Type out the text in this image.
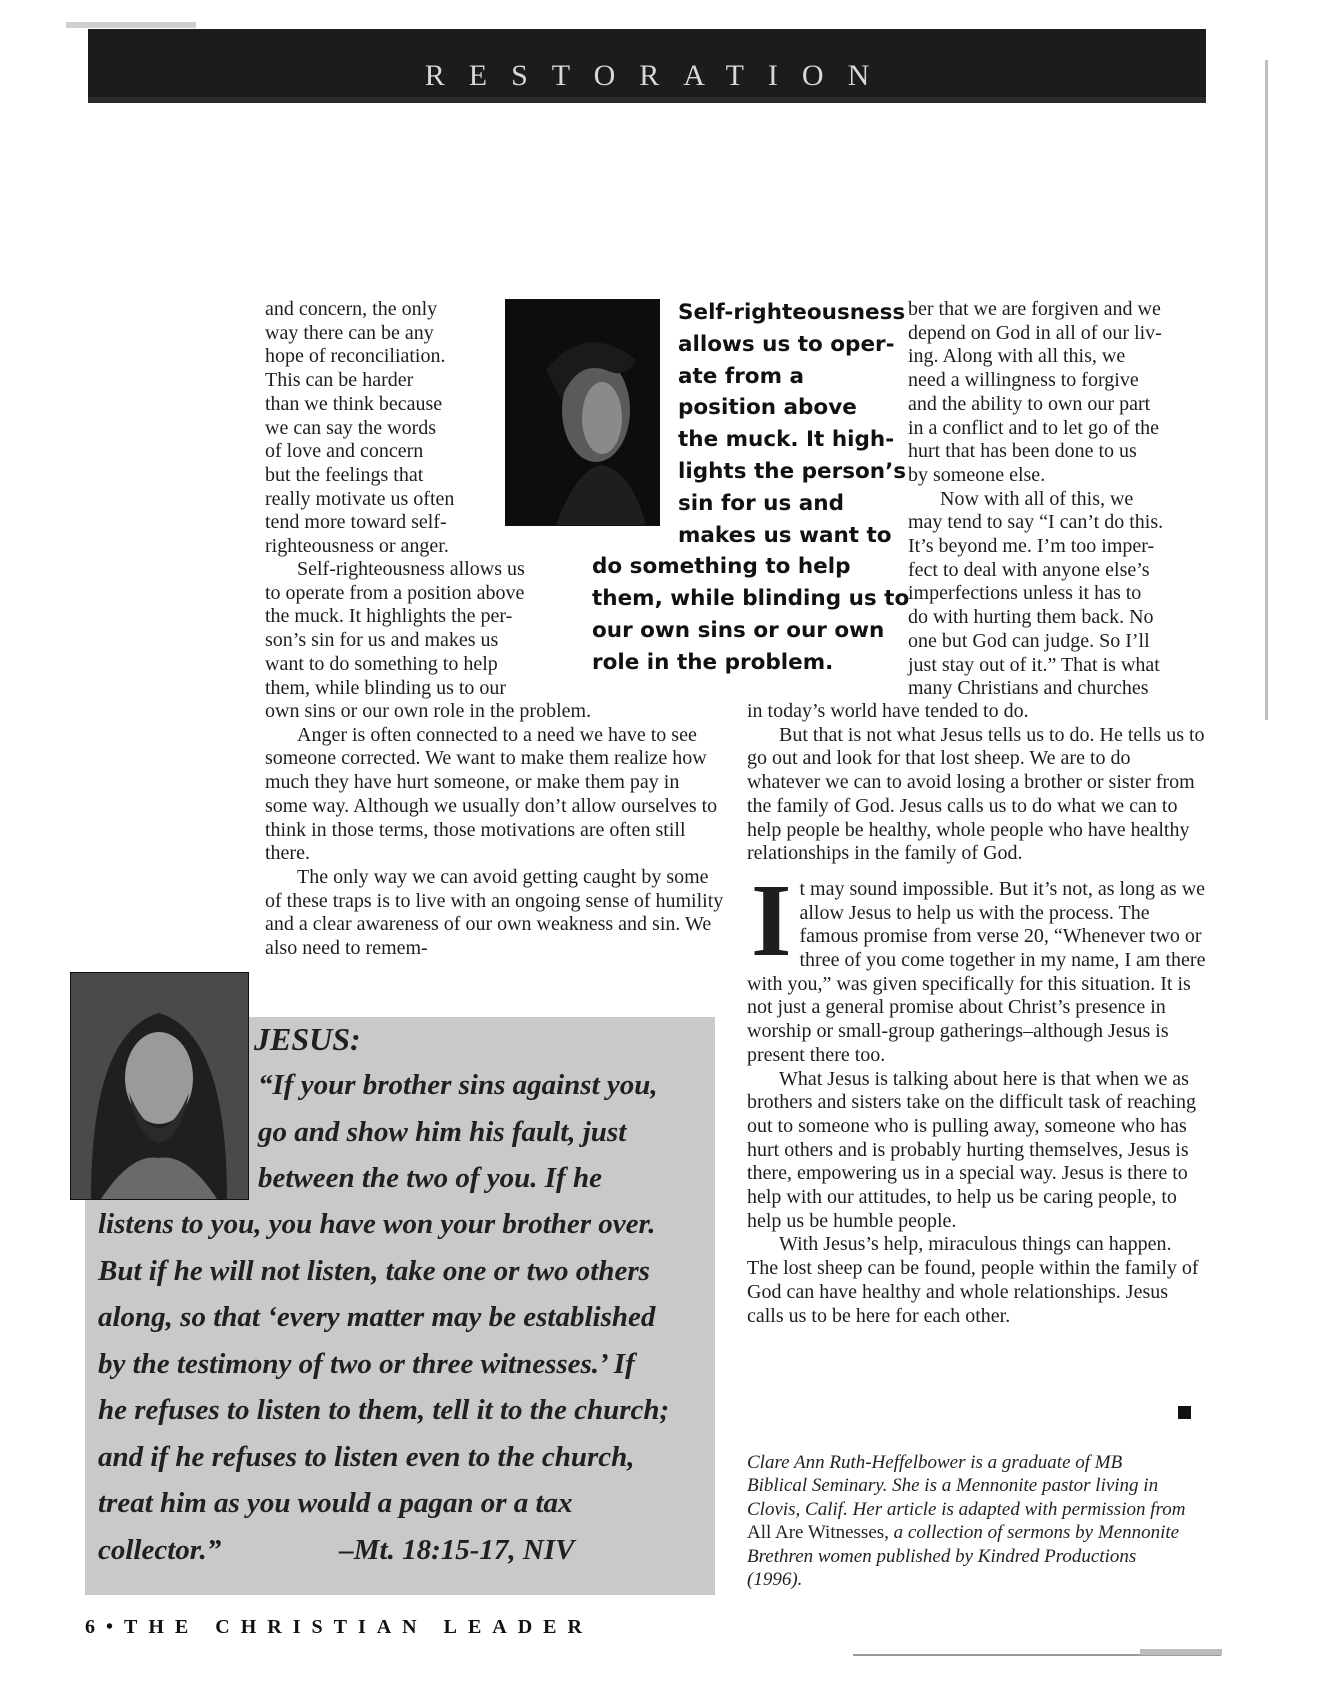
RESTORATION

and concern, the only
way there can be any
hope of reconciliation.
This can be harder
than we think because
we can say the words
of love and concern
but the feelings that
really motivate us often
tend more toward self-
righteousness or anger.

Self-righteousness allows us
to operate from a position above
the muck. It highlights the per-
son’s sin for us and makes us
want to do something to help
them, while blinding us to our

Self-righteousness
allows us to oper-
ate from a
position above
the muck. It high-
lights the person’s
sin for us and
makes us want to
do something to help
them, while blinding us to
our own sins or our own
role in the problem.

ber that we are forgiven and we
depend on God in all of our liv-
ing. Along with all this, we
need a willingness to forgive
and the ability to own our part
in a conflict and to let go of the
hurt that has been done to us
by someone else.

Now with all of this, we
may tend to say “I can’t do this.
It’s beyond me. I’m too imper-
fect to deal with anyone else’s
imperfections unless it has to
do with hurting them back. No
one but God can judge. So I’ll
just stay out of it.” That is what
many Christians and churches

own sins or our own role in the problem.

Anger is often connected to a need we have to see someone corrected. We want to make them realize how much they have hurt someone, or make them pay in some way. Although we usually don’t allow ourselves to think in those terms, those motivations are often still there.

The only way we can avoid getting caught by some of these traps is to live with an ongoing sense of humility and a clear awareness of our own weakness and sin. We also need to remem-

in today’s world have tended to do.

But that is not what Jesus tells us to do. He tells us to go out and look for that lost sheep. We are to do whatever we can to avoid losing a brother or sister from the family of God. Jesus calls us to do what we can to help people be healthy, whole people who have healthy relationships in the family of God.

I t may sound impossible. But it’s not, as long as we allow Jesus to help us with the process. The famous promise from verse 20, “Whenever two or three of you come together in my name, I am there with you,” was given specifically for this situation. It is not just a general promise about Christ’s presence in worship or small-group gatherings–although Jesus is present there too.

What Jesus is talking about here is that when we as brothers and sisters take on the difficult task of reaching out to someone who is pulling away, someone who has hurt others and is probably hurting themselves, Jesus is there, empowering us in a special way. Jesus is there to help with our attitudes, to help us be caring people, to help us be humble people.

With Jesus’s help, miraculous things can happen. The lost sheep can be found, people within the family of God can have healthy and whole relationships. Jesus calls us to be here for each other.

JESUS:
“If your brother sins against you,
go and show him his fault, just
between the two of you. If he
listens to you, you have won your brother over.
But if he will not listen, take one or two others
along, so that ‘every matter may be established
by the testimony of two or three witnesses.’ If
he refuses to listen to them, tell it to the church;
and if he refuses to listen even to the church,
treat him as you would a pagan or a tax
collector.”	–Mt. 18:15-17, NIV
Clare Ann Ruth-Heffelbower is a graduate of MB Biblical Seminary. She is a Mennonite pastor living in Clovis, Calif. Her article is adapted with permission from All Are Witnesses, a collection of sermons by Mennonite Brethren women published by Kindred Productions (1996).
6•THE CHRISTIAN LEADER
